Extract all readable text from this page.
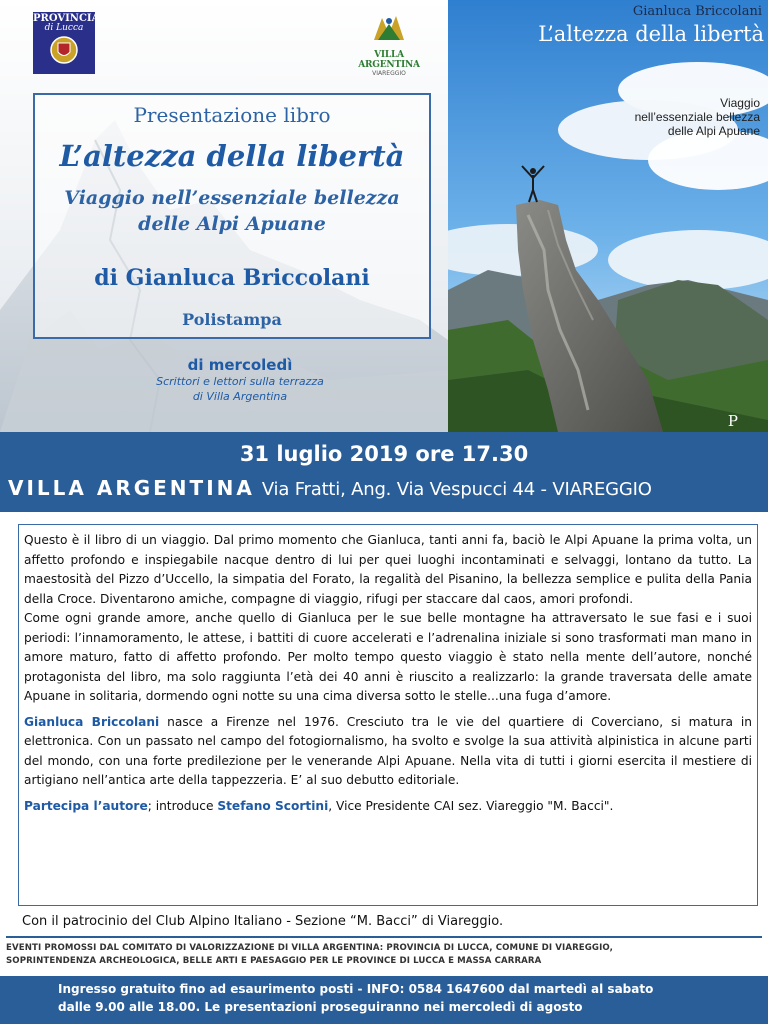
PROVINCIA
di Lucca
VILLA ARGENTINA
VIAREGGIO
Presentazione libro
L’altezza della libertà
Viaggio nell’essenziale bellezza
delle Alpi Apuane
di Gianluca Briccolani
Polistampa
di mercoledì
Scrittori e lettori sulla terrazza
di Villa Argentina
Gianluca Briccolani
L’altezza della libertà
Viaggio
nell’essenziale bellezza
delle Alpi Apuane
P
31 luglio 2019 ore 17.30
VILLA ARGENTINA Via Fratti, Ang. Via Vespucci 44 - VIAREGGIO

Questo è il libro di un viaggio. Dal primo momento che Gianluca, tanti anni fa, baciò le Alpi Apuane la prima volta, un affetto profondo e inspiegabile nacque dentro di lui per quei luoghi incontaminati e selvaggi, lontano da tutto. La maestosità del Pizzo d’Uccello, la simpatia del Forato, la regalità del Pisanino, la bellezza semplice e pulita della Pania della Croce. Diventarono amiche, compagne di viaggio, rifugi per staccare dal caos, amori profondi.

Come ogni grande amore, anche quello di Gianluca per le sue belle montagne ha attraversato le sue fasi e i suoi periodi: l’innamoramento, le attese, i battiti di cuore accelerati e l’adrenalina iniziale si sono trasformati man mano in amore maturo, fatto di affetto profondo. Per molto tempo questo viaggio è stato nella mente dell’autore, nonché protagonista del libro, ma solo raggiunta l’età dei 40 anni è riuscito a realizzarlo: la grande traversata delle amate Apuane in solitaria, dormendo ogni notte su una cima diversa sotto le stelle...una fuga d’amore.

Gianluca Briccolani nasce a Firenze nel 1976. Cresciuto tra le vie del quartiere di Coverciano, si matura in elettronica. Con un passato nel campo del fotogiornalismo, ha svolto e svolge la sua attività alpinistica in alcune parti del mondo, con una forte predilezione per le venerande Alpi Apuane. Nella vita di tutti i giorni esercita il mestiere di artigiano nell’antica arte della tappezzeria. E’ al suo debutto editoriale.

Partecipa l’autore; introduce Stefano Scortini, Vice Presidente CAI sez. Viareggio "M. Bacci".

Con il patrocinio del Club Alpino Italiano - Sezione “M. Bacci” di Viareggio.
EVENTI PROMOSSI DAL COMITATO DI VALORIZZAZIONE DI VILLA ARGENTINA: PROVINCIA DI LUCCA, COMUNE DI VIAREGGIO,
SOPRINTENDENZA ARCHEOLOGICA, BELLE ARTI E PAESAGGIO PER LE PROVINCE DI LUCCA E MASSA CARRARA
Ingresso gratuito fino ad esaurimento posti - INFO: 0584 1647600 dal martedì al sabato
dalle 9.00 alle 18.00. Le presentazioni proseguiranno nei mercoledì di agosto
